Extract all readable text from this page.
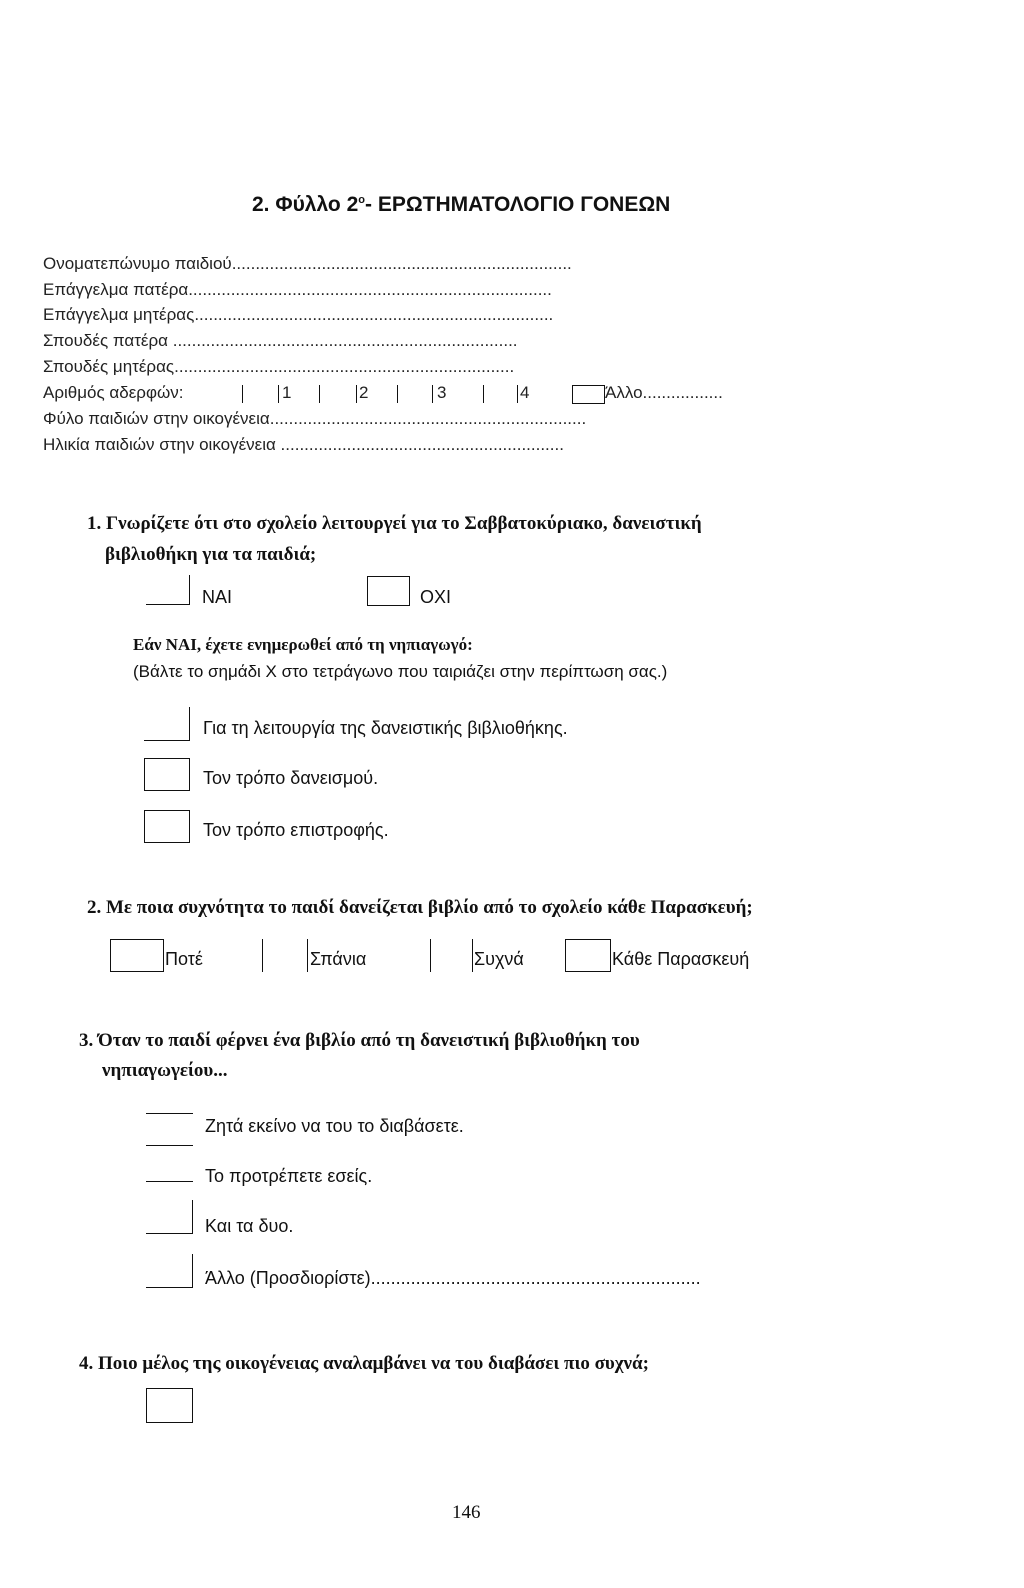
2. Φύλλο $2^o-$ ΕΡΩΤΗΜΑΤΟΛΟΓΙΟ ΓΟΝΕΩΝ
Ονοματεπώνυμο παιδιού........................................................................
Επάγγελμα πατέρα.............................................................................
Επάγγελμα μητέρας............................................................................
Σπουδές πατέρα .........................................................................
Σπουδές μητέρας........................................................................
Αριθμός αδερφών:	1	2	3	4	Άλλο.................
Φύλο παιδιών στην οικογένεια...................................................................
Ηλικία παιδιών στην οικογένεια ............................................................
1. Γνωρίζετε ότι στο σχολείο λειτουργεί για το Σαββατοκύριακο, δανειστική
βιβλιοθήκη για τα παιδιά;
ΝΑΙ	ΟΧΙ
Εάν ΝΑΙ, έχετε ενημερωθεί από τη νηπιαγωγό:
(Βάλτε το σημάδι Χ στο τετράγωνο που ταιριάζει στην περίπτωση σας.)
Για τη λειτουργία της δανειστικής βιβλιοθήκης.
Τον τρόπο δανεισμού.
Τον τρόπο επιστροφής.
2. Με ποια συχνότητα το παιδί δανείζεται βιβλίο από το σχολείο κάθε Παρασκευή;
Ποτέ	Σπάνια	Συχνά	Κάθε Παρασκευή
3. Όταν το παιδί φέρνει ένα βιβλίο από τη δανειστική βιβλιοθήκη του
νηπιαγωγείου...
Ζητά εκείνο να του το διαβάσετε.
Το προτρέπετε εσείς.
Και τα δυο.
Άλλο (Προσδιορίστε)..................................................................
4. Ποιο μέλος της οικογένειας αναλαμβάνει να του διαβάσει πιο συχνά;
146
